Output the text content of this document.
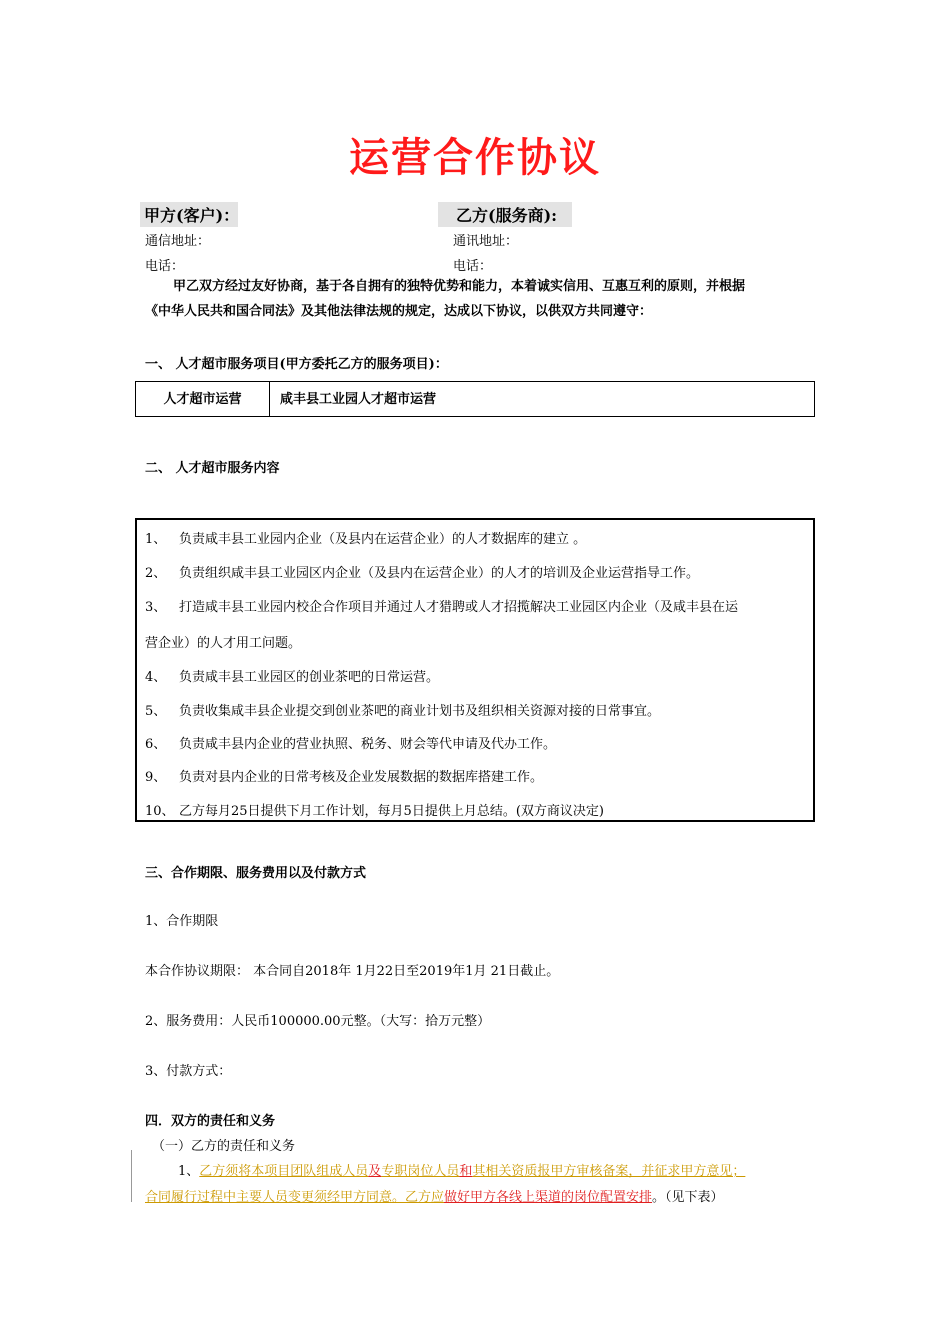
运营合作协议
甲方(客户)：	乙方(服务商):
通信地址：	通讯地址：
电话：	电话：
甲乙双方经过友好协商，基于各自拥有的独特优势和能力，本着诚实信用、互惠互利的原则，并根据
《中华人民共和国合同法》及其他法律法规的规定，达成以下协议，以供双方共同遵守：
一、 人才超市服务项目(甲方委托乙方的服务项目)：
人才超市运营	咸丰县工业园人才超市运营
二、 人才超市服务内容
1、 负责咸丰县工业园内企业（及县内在运营企业）的人才数据库的建立 。
2、 负责组织咸丰县工业园区内企业（及县内在运营企业）的人才的培训及企业运营指导工作。
3、 打造咸丰县工业园内校企合作项目并通过人才猎聘或人才招揽解决工业园区内企业（及咸丰县在运
营企业）的人才用工问题。
4、 负责咸丰县工业园区的创业茶吧的日常运营。
5、 负责收集咸丰县企业提交到创业茶吧的商业计划书及组织相关资源对接的日常事宜。
6、 负责咸丰县内企业的营业执照、税务、财会等代申请及代办工作。
9、 负责对县内企业的日常考核及企业发展数据的数据库搭建工作。
10、 乙方每月25日提供下月工作计划，每月5日提供上月总结。(双方商议决定)
三、合作期限、服务费用以及付款方式
1、合作期限
本合作协议期限： 本合同自2018年 1月22日至2019年1月 21日截止。
2、服务费用：人民币100000.00元整。（大写：拾万元整）
3、付款方式：
四．双方的责任和义务
（一）乙方的责任和义务
1、乙方须将本项目团队组成人员及专职岗位人员和其相关资质报甲方审核备案，并征求甲方意见；
合同履行过程中主要人员变更须经甲方同意。乙方应做好甲方各线上渠道的岗位配置安排。（见下表）
